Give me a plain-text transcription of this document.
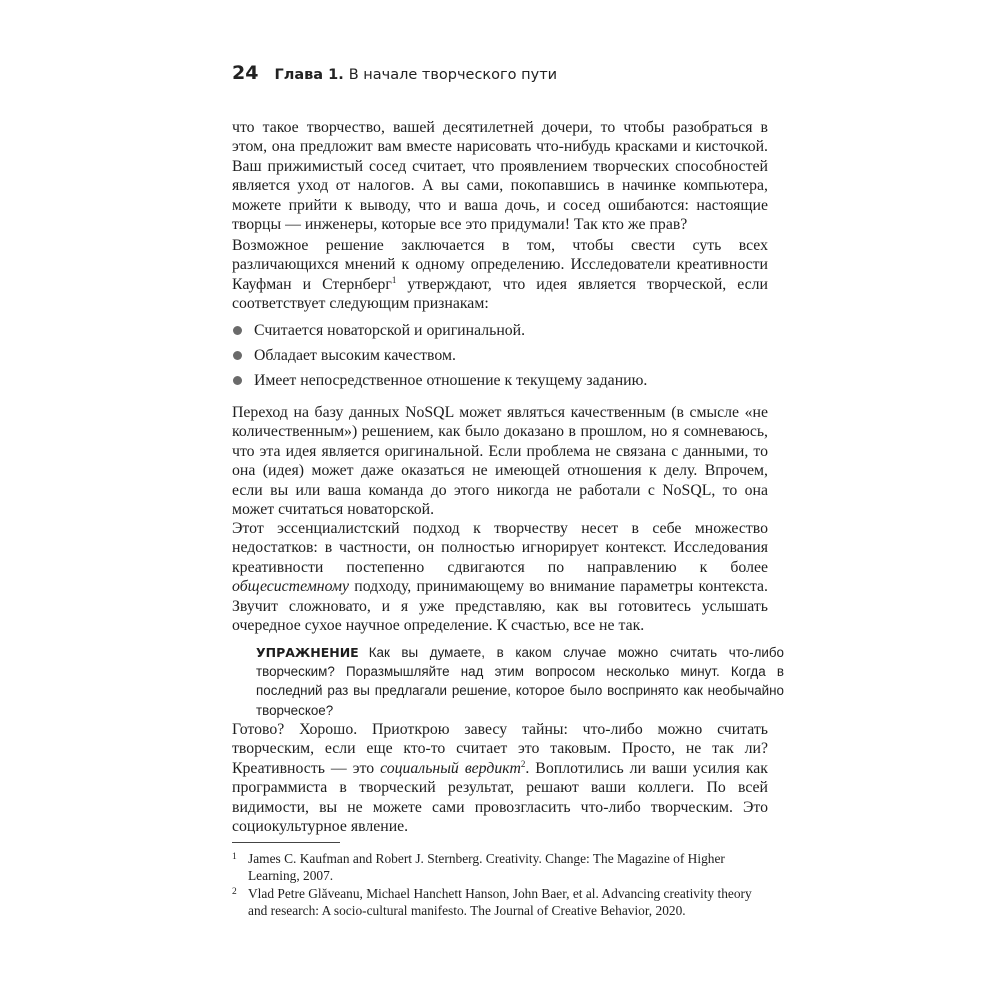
24 Глава 1. В начале творческого пути

что такое творчество, вашей десятилетней дочери, то чтобы разобраться в этом, она предложит вам вместе нарисовать что-нибудь красками и кисточкой. Ваш прижимистый сосед считает, что проявлением творческих способностей является уход от налогов. А вы сами, покопавшись в начинке компьютера, можете прийти к выводу, что и ваша дочь, и сосед ошибаются: настоящие творцы — инженеры, которые все это придумали! Так кто же прав?

Возможное решение заключается в том, чтобы свести суть всех различающихся мнений к одному определению. Исследователи креативности Кауфман и Стернберг$^1$ утверждают, что идея является творческой, если соответствует следующим признакам:

Считается новаторской и оригинальной.
Обладает высоким качеством.
Имеет непосредственное отношение к текущему заданию.

Переход на базу данных NoSQL может являться качественным (в смысле «не количественным») решением, как было доказано в прошлом, но я сомневаюсь, что эта идея является оригинальной. Если проблема не связана с данными, то она (идея) может даже оказаться не имеющей отношения к делу. Впрочем, если вы или ваша команда до этого никогда не работали с NoSQL, то она может считаться новаторской.

Этот эссенциалистский подход к творчеству несет в себе множество недостатков: в частности, он полностью игнорирует контекст. Исследования креативности постепенно сдвигаются по направлению к более общесистемному подходу, принимающему во внимание параметры контекста. Звучит сложновато, и я уже представляю, как вы готовитесь услышать очередное сухое научное определение. К счастью, все не так.

УПРАЖНЕНИЕ Как вы думаете, в каком случае можно считать что-либо творческим? Поразмышляйте над этим вопросом несколько минут. Когда в последний раз вы предлагали решение, которое было воспринято как необычайно творческое?

Готово? Хорошо. Приоткрою завесу тайны: что-либо можно считать творческим, если еще кто-то считает это таковым. Просто, не так ли? Креативность — это социальный вердикт$^2$. Воплотились ли ваши усилия как программиста в творческий результат, решают ваши коллеги. По всей видимости, вы не можете сами провозгласить что-либо творческим. Это социокультурное явление.

1 James C. Kaufman and Robert J. Sternberg. Creativity. Change: The Magazine of Higher Learning, 2007.
2 Vlad Petre Glăveanu, Michael Hanchett Hanson, John Baer, et al. Advancing creativity theory and research: A socio-cultural manifesto. The Journal of Creative Behavior, 2020.
